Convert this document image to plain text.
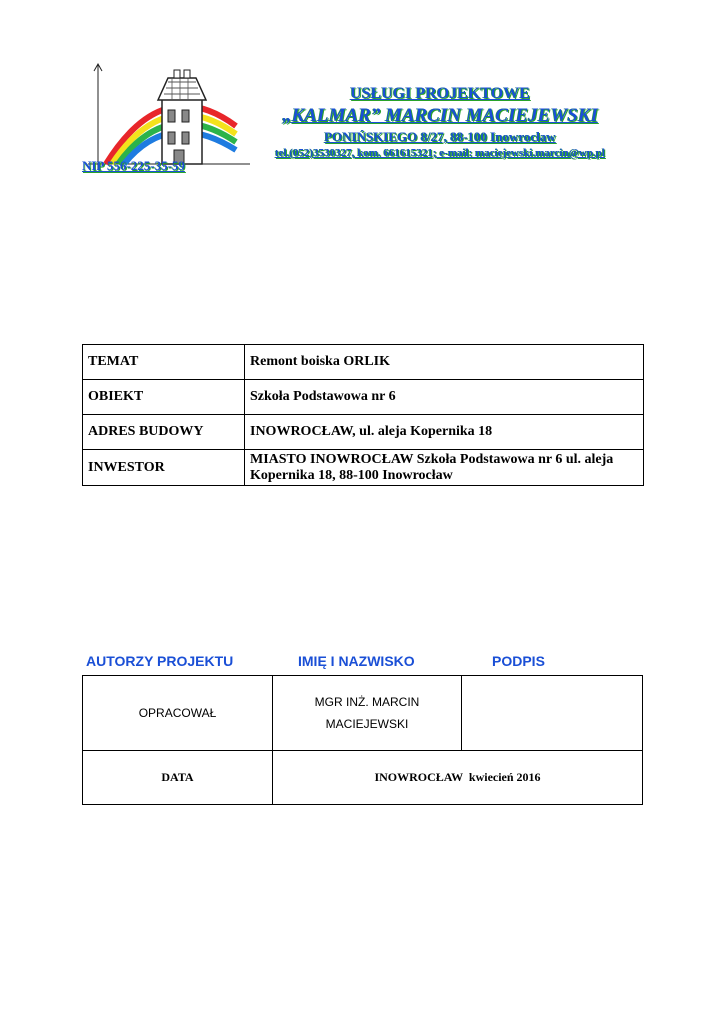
USŁUGI PROJEKTOWE
„KALMAR” MARCIN MACIEJEWSKI
PONIŃSKIEGO 8/27, 88-100 Inowrocław
tel.(052)3530327, kom. 661615321; e-mail: maciejewski.marcin@wp.pl
NIP 556-225-35-59
TEMAT	Remont boiska ORLIK
OBIEKT	Szkoła Podstawowa nr 6
ADRES BUDOWY	INOWROCŁAW, ul. aleja Kopernika 18
INWESTOR	MIASTO INOWROCŁAW Szkoła Podstawowa nr 6 ul. aleja Kopernika 18, 88-100 Inowrocław
AUTORZY PROJEKTU	IMIĘ I NAZWISKO	PODPIS
OPRACOWAŁ	MGR INŻ. MARCIN
MACIEJEWSKI	

DATA	INOWROCŁAW  kwiecień 2016	
